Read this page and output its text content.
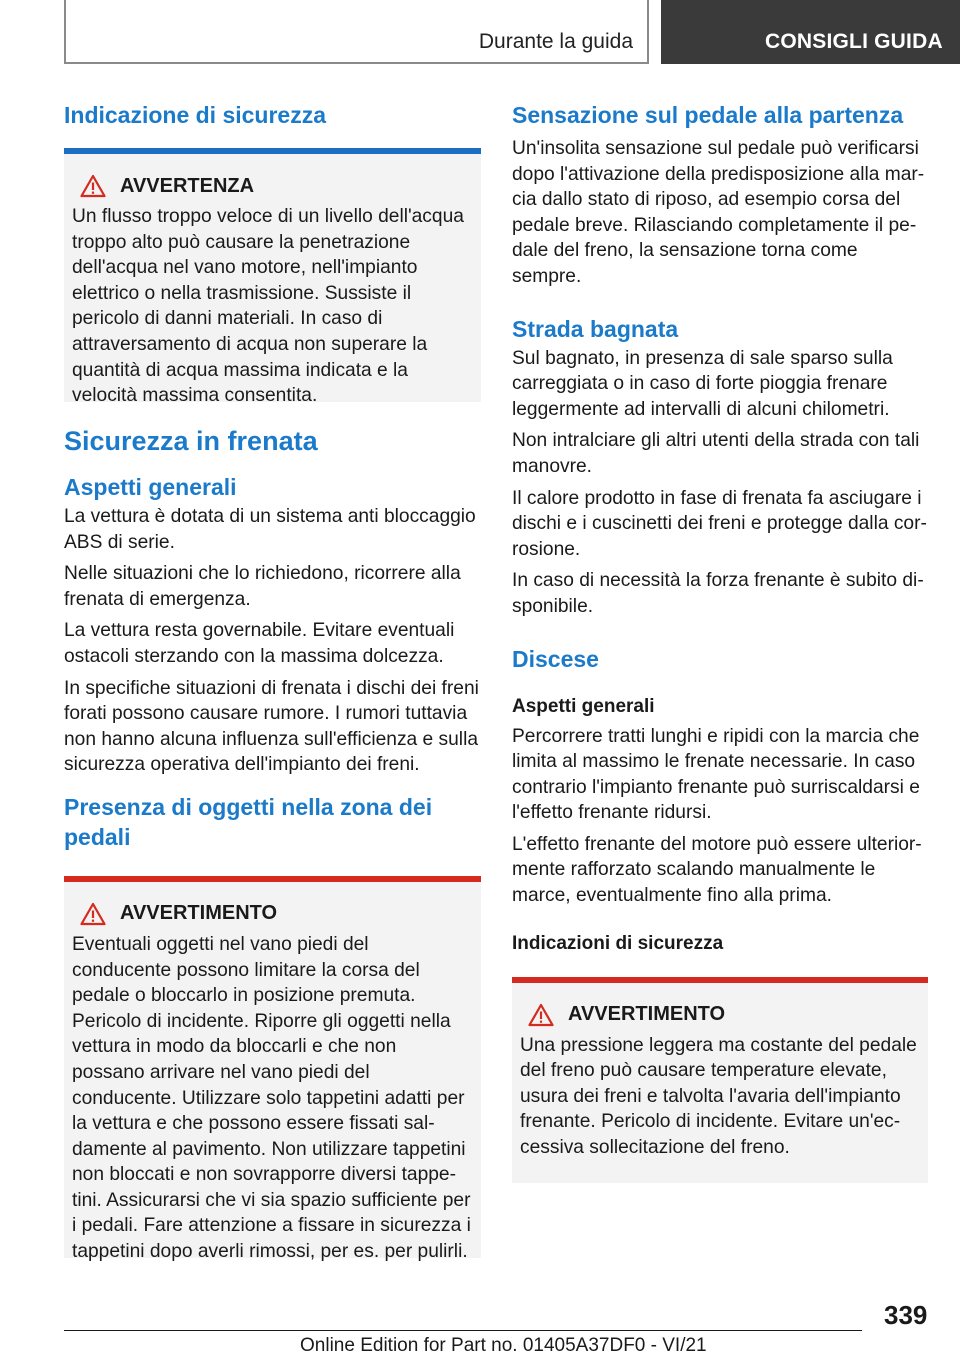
Durante la guida	CONSIGLI GUIDA
Indicazione di sicurezza
AVVERTENZA

Un flusso troppo veloce di un livello dell'acqua troppo alto può causare la penetrazione dell'acqua nel vano motore, nell'impianto elettrico o nella trasmissione. Sussiste il pericolo di danni materiali. In caso di attraversamento di acqua non superare la quantità di acqua massima indicata e la velocità massima consentita.

Sicurezza in frenata
Aspetti generali

La vettura è dotata di un sistema anti bloccaggio ABS di serie.

Nelle situazioni che lo richiedono, ricorrere alla frenata di emergenza.

La vettura resta governabile. Evitare eventuali ostacoli sterzando con la massima dolcezza.

In specifiche situazioni di frenata i dischi dei freni forati possono causare rumore. I rumori tuttavia non hanno alcuna influenza sull'efficienza e sulla sicurezza operativa dell'impianto dei freni.

Presenza di oggetti nella zona dei pedali
AVVERTIMENTO

Eventuali oggetti nel vano piedi del conducente possono limitare la corsa del pedale o bloccarlo in posizione premuta. Pericolo di incidente. Riporre gli oggetti nella vettura in modo da bloccarli e che non possano arrivare nel vano piedi del conducente. Utilizzare solo tappetini adatti per la vettura e che possono essere fissati saldamente al pavimento. Non utilizzare tappetini non bloccati e non sovrapporre diversi tappetini. Assicurarsi che vi sia spazio sufficiente per i pedali. Fare attenzione a fissare in sicurezza i tappetini dopo averli rimossi, per es. per pulirli.

Sensazione sul pedale alla partenza

Un'insolita sensazione sul pedale può verificarsi dopo l'attivazione della predisposizione alla marcia dallo stato di riposo, ad esempio corsa del pedale breve. Rilasciando completamente il pedale del freno, la sensazione torna come sempre.

Strada bagnata

Sul bagnato, in presenza di sale sparso sulla carreggiata o in caso di forte pioggia frenare leggermente ad intervalli di alcuni chilometri.

Non intralciare gli altri utenti della strada con tali manovre.

Il calore prodotto in fase di frenata fa asciugare i dischi e i cuscinetti dei freni e protegge dalla corrosione.

In caso di necessità la forza frenante è subito disponibile.

Discese
Aspetti generali

Percorrere tratti lunghi e ripidi con la marcia che limita al massimo le frenate necessarie. In caso contrario l'impianto frenante può surriscaldarsi e l'effetto frenante ridursi.

L'effetto frenante del motore può essere ulteriormente rafforzato scalando manualmente le marce, eventualmente fino alla prima.

Indicazioni di sicurezza
AVVERTIMENTO

Una pressione leggera ma costante del pedale del freno può causare temperature elevate, usura dei freni e talvolta l'avaria dell'impianto frenante. Pericolo di incidente. Evitare un'eccessiva sollecitazione del freno.

339
Online Edition for Part no. 01405A37DF0 - VI/21
